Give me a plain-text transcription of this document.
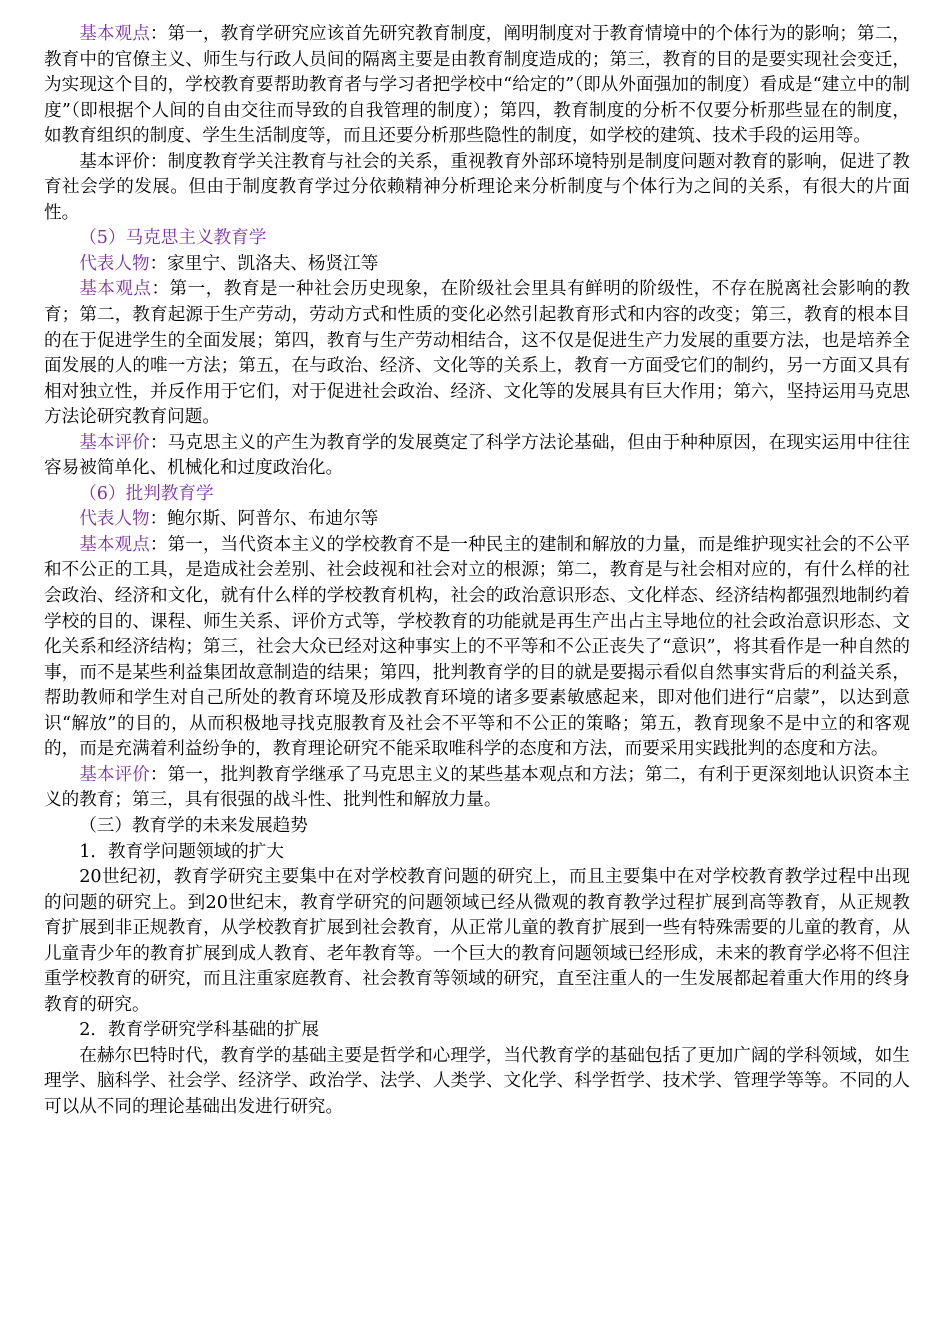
基本观点：第一，教育学研究应该首先研究教育制度，阐明制度对于教育情境中的个体行为的影响；第二，教育中的官僚主义、师生与行政人员间的隔离主要是由教育制度造成的；第三，教育的目的是要实现社会变迁，为实现这个目的，学校教育要帮助教育者与学习者把学校中“给定的”（即从外面强加的制度）看成是“建立中的制度”（即根据个人间的自由交往而导致的自我管理的制度）；第四，教育制度的分析不仅要分析那些显在的制度，如教育组织的制度、学生生活制度等，而且还要分析那些隐性的制度，如学校的建筑、技术手段的运用等。

基本评价：制度教育学关注教育与社会的关系，重视教育外部环境特别是制度问题对教育的影响，促进了教育社会学的发展。但由于制度教育学过分依赖精神分析理论来分析制度与个体行为之间的关系，有很大的片面性。

（5）马克思主义教育学

代表人物：家里宁、凯洛夫、杨贤江等

基本观点：第一，教育是一种社会历史现象，在阶级社会里具有鲜明的阶级性，不存在脱离社会影响的教育；第二，教育起源于生产劳动，劳动方式和性质的变化必然引起教育形式和内容的改变；第三，教育的根本目的在于促进学生的全面发展；第四，教育与生产劳动相结合，这不仅是促进生产力发展的重要方法，也是培养全面发展的人的唯一方法；第五，在与政治、经济、文化等的关系上，教育一方面受它们的制约，另一方面又具有相对独立性，并反作用于它们，对于促进社会政治、经济、文化等的发展具有巨大作用；第六，坚持运用马克思方法论研究教育问题。

基本评价：马克思主义的产生为教育学的发展奠定了科学方法论基础，但由于种种原因，在现实运用中往往容易被简单化、机械化和过度政治化。

（6）批判教育学

代表人物：鲍尔斯、阿普尔、布迪尔等

基本观点：第一，当代资本主义的学校教育不是一种民主的建制和解放的力量，而是维护现实社会的不公平和不公正的工具，是造成社会差别、社会歧视和社会对立的根源；第二，教育是与社会相对应的，有什么样的社会政治、经济和文化，就有什么样的学校教育机构，社会的政治意识形态、文化样态、经济结构都强烈地制约着学校的目的、课程、师生关系、评价方式等，学校教育的功能就是再生产出占主导地位的社会政治意识形态、文化关系和经济结构；第三，社会大众已经对这种事实上的不平等和不公正丧失了“意识”，将其看作是一种自然的事，而不是某些利益集团故意制造的结果；第四，批判教育学的目的就是要揭示看似自然事实背后的利益关系，帮助教师和学生对自己所处的教育环境及形成教育环境的诸多要素敏感起来，即对他们进行“启蒙”，以达到意识“解放”的目的，从而积极地寻找克服教育及社会不平等和不公正的策略；第五，教育现象不是中立的和客观的，而是充满着利益纷争的，教育理论研究不能采取唯科学的态度和方法，而要采用实践批判的态度和方法。

基本评价：第一，批判教育学继承了马克思主义的某些基本观点和方法；第二，有利于更深刻地认识资本主义的教育；第三，具有很强的战斗性、批判性和解放力量。

（三）教育学的未来发展趋势

1．教育学问题领域的扩大

20世纪初，教育学研究主要集中在对学校教育问题的研究上，而且主要集中在对学校教育教学过程中出现的问题的研究上。到20世纪末，教育学研究的问题领域已经从微观的教育教学过程扩展到高等教育，从正规教育扩展到非正规教育，从学校教育扩展到社会教育，从正常儿童的教育扩展到一些有特殊需要的儿童的教育，从儿童青少年的教育扩展到成人教育、老年教育等。一个巨大的教育问题领域已经形成，未来的教育学必将不但注重学校教育的研究，而且注重家庭教育、社会教育等领域的研究，直至注重人的一生发展都起着重大作用的终身教育的研究。

2．教育学研究学科基础的扩展

在赫尔巴特时代，教育学的基础主要是哲学和心理学，当代教育学的基础包括了更加广阔的学科领域，如生理学、脑科学、社会学、经济学、政治学、法学、人类学、文化学、科学哲学、技术学、管理学等等。不同的人可以从不同的理论基础出发进行研究。
